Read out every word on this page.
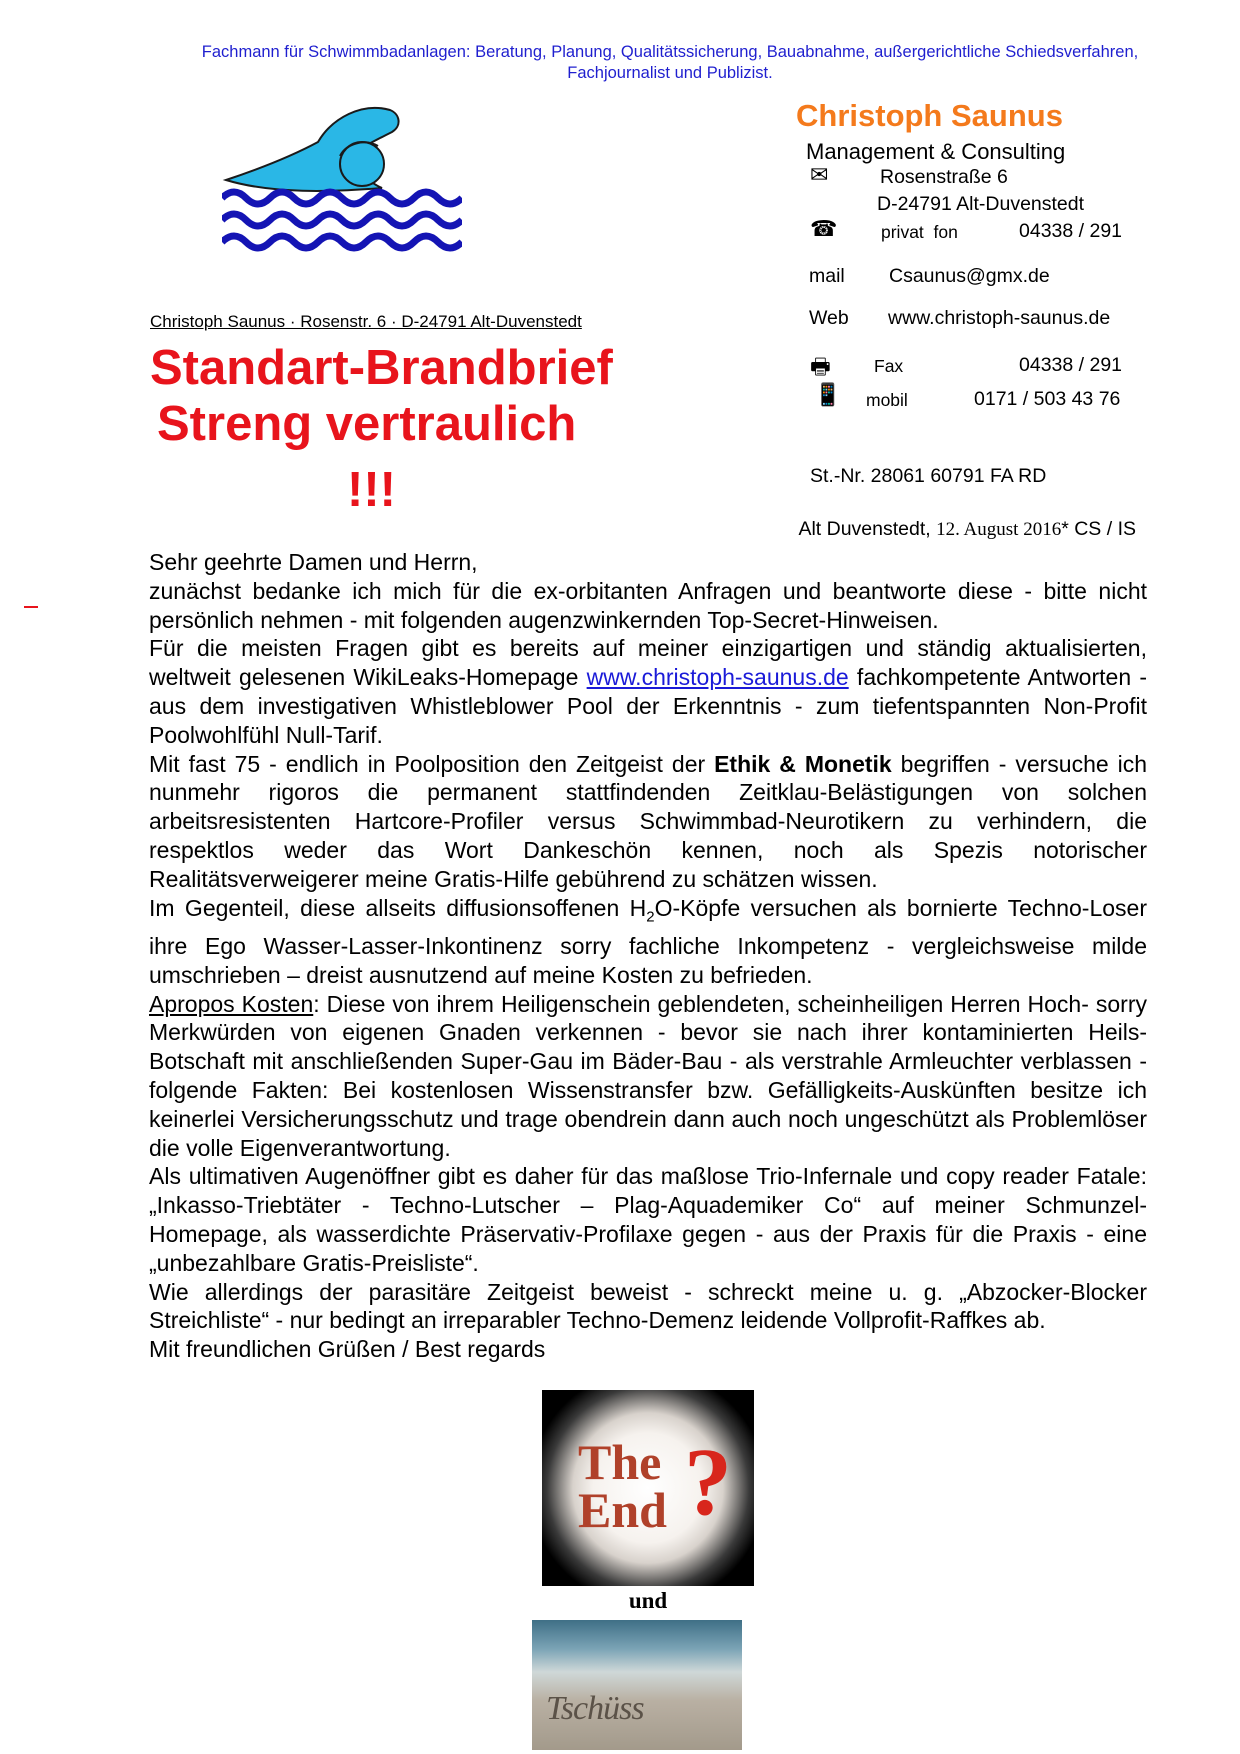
Fachmann für Schwimmbadanlagen: Beratung, Planung, Qualitätssicherung, Bauabnahme, außergerichtliche Schiedsverfahren,
Fachjournalist und Publizist.
Christoph Saunus
Management & Consulting
✉	Rosenstraße 6
D-24791 Alt-Duvenstedt
☎ privat  fon	04338 / 291
mail Csaunus@gmx.de
Web www.christoph-saunus.de
🖶 Fax	04338 / 291
📱 mobil	0171 / 503 43 76
St.-Nr. 28061 60791 FA RD
Christoph Saunus · Rosenstr. 6 · D-24791 Alt-Duvenstedt
Standart-Brandbrief
Streng vertraulich
!!!
Alt Duvenstedt, 12. August 2016* CS / IS

Sehr geehrte Damen und Herrn,

zunächst bedanke ich mich für die ex-orbitanten Anfragen und beantworte diese - bitte nicht persönlich nehmen - mit folgenden augenzwinkernden Top-Secret-Hinweisen.

Für die meisten Fragen gibt es bereits auf meiner einzigartigen und ständig aktualisierten, weltweit gelesenen WikiLeaks-Homepage www.christoph-saunus.de fachkompetente Antworten - aus dem investigativen Whistleblower Pool der Erkenntnis - zum tiefentspannten Non-Profit Poolwohlfühl Null-Tarif.

Mit fast 75 - endlich in Poolposition den Zeitgeist der Ethik & Monetik begriffen - versuche ich nunmehr rigoros die permanent stattfindenden Zeitklau-Belästigungen von solchen arbeitsresistenten Hartcore-Profiler versus Schwimmbad-Neurotikern zu verhindern, die respektlos weder das Wort Dankeschön kennen, noch als Spezis notorischer Realitätsverweigerer meine Gratis-Hilfe gebührend zu schätzen wissen.

Im Gegenteil, diese allseits diffusionsoffenen $H_2O$-Köpfe versuchen als bornierte Techno-Loser ihre Ego Wasser-Lasser-Inkontinenz sorry fachliche Inkompetenz - vergleichsweise milde umschrieben – dreist ausnutzend auf meine Kosten zu befrieden.

Apropos Kosten: Diese von ihrem Heiligenschein geblendeten, scheinheiligen Herren Hoch- sorry Merkwürden von eigenen Gnaden verkennen - bevor sie nach ihrer kontaminierten Heils-Botschaft mit anschließenden Super-Gau im Bäder-Bau - als verstrahle Armleuchter verblassen - folgende Fakten: Bei kostenlosen Wissenstransfer bzw. Gefälligkeits-Auskünften besitze ich keinerlei Versicherungsschutz und trage obendrein dann auch noch ungeschützt als Problemlöser die volle Eigenverantwortung.

Als ultimativen Augenöffner gibt es daher für das maßlose Trio-Infernale und copy reader Fatale: „Inkasso-Triebtäter - Techno-Lutscher – Plag-Aquademiker Co“ auf meiner Schmunzel-Homepage, als wasserdichte Präservativ-Profilaxe gegen - aus der Praxis für die Praxis - eine „unbezahlbare Gratis-Preisliste“.

Wie allerdings der parasitäre Zeitgeist beweist - schreckt meine u. g. „Abzocker-Blocker Streichliste“ - nur bedingt an irreparabler Techno-Demenz leidende Vollprofit-Raffkes ab.

Mit freundlichen Grüßen / Best regards

The
End ?
und
Tschüss
